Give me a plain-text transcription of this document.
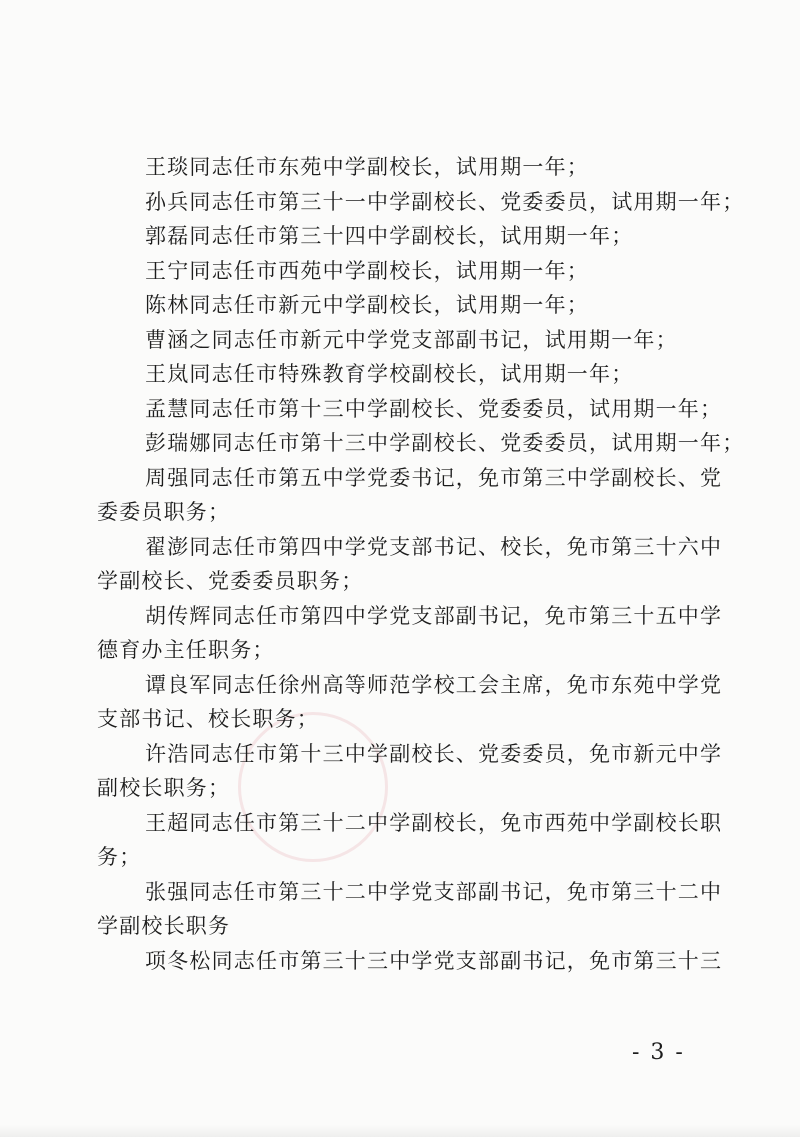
王琰同志任市东苑中学副校长，试用期一年；
孙兵同志任市第三十一中学副校长、党委委员，试用期一年；
郭磊同志任市第三十四中学副校长，试用期一年；
王宁同志任市西苑中学副校长，试用期一年；
陈林同志任市新元中学副校长，试用期一年；
曹涵之同志任市新元中学党支部副书记，试用期一年；
王岚同志任市特殊教育学校副校长，试用期一年；
孟慧同志任市第十三中学副校长、党委委员，试用期一年；
彭瑞娜同志任市第十三中学副校长、党委委员，试用期一年；
周强同志任市第五中学党委书记，免市第三中学副校长、党
委委员职务；
翟澎同志任市第四中学党支部书记、校长，免市第三十六中
学副校长、党委委员职务；
胡传辉同志任市第四中学党支部副书记，免市第三十五中学
德育办主任职务；
谭良军同志任徐州高等师范学校工会主席，免市东苑中学党
支部书记、校长职务；
许浩同志任市第十三中学副校长、党委委员，免市新元中学
副校长职务；
王超同志任市第三十二中学副校长，免市西苑中学副校长职
务；
张强同志任市第三十二中学党支部副书记，免市第三十二中
学副校长职务
项冬松同志任市第三十三中学党支部副书记，免市第三十三
- 3 -
